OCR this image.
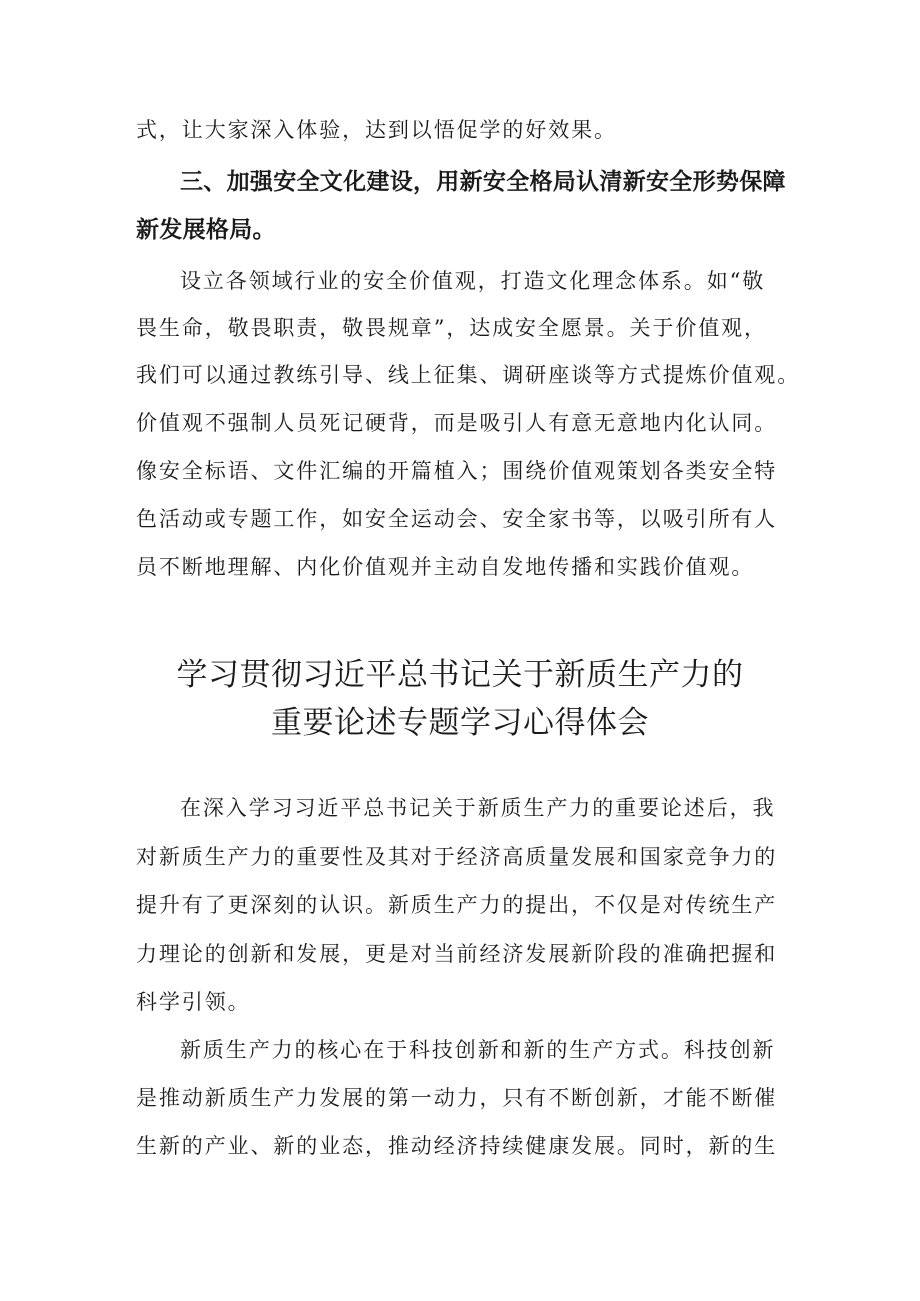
式，让大家深入体验，达到以悟促学的好效果。
三、加强安全文化建设，用新安全格局认清新安全形势保障
新发展格局。
设立各领域行业的安全价值观，打造文化理念体系。如“敬
畏生命，敬畏职责，敬畏规章”，达成安全愿景。关于价值观，
我们可以通过教练引导、线上征集、调研座谈等方式提炼价值观。
价值观不强制人员死记硬背，而是吸引人有意无意地内化认同。
像安全标语、文件汇编的开篇植入；围绕价值观策划各类安全特
色活动或专题工作，如安全运动会、安全家书等，以吸引所有人
员不断地理解、内化价值观并主动自发地传播和实践价值观。
学习贯彻习近平总书记关于新质生产力的
重要论述专题学习心得体会
在深入学习习近平总书记关于新质生产力的重要论述后，我
对新质生产力的重要性及其对于经济高质量发展和国家竞争力的
提升有了更深刻的认识。新质生产力的提出，不仅是对传统生产
力理论的创新和发展，更是对当前经济发展新阶段的准确把握和
科学引领。
新质生产力的核心在于科技创新和新的生产方式。科技创新
是推动新质生产力发展的第一动力，只有不断创新，才能不断催
生新的产业、新的业态，推动经济持续健康发展。同时，新的生
